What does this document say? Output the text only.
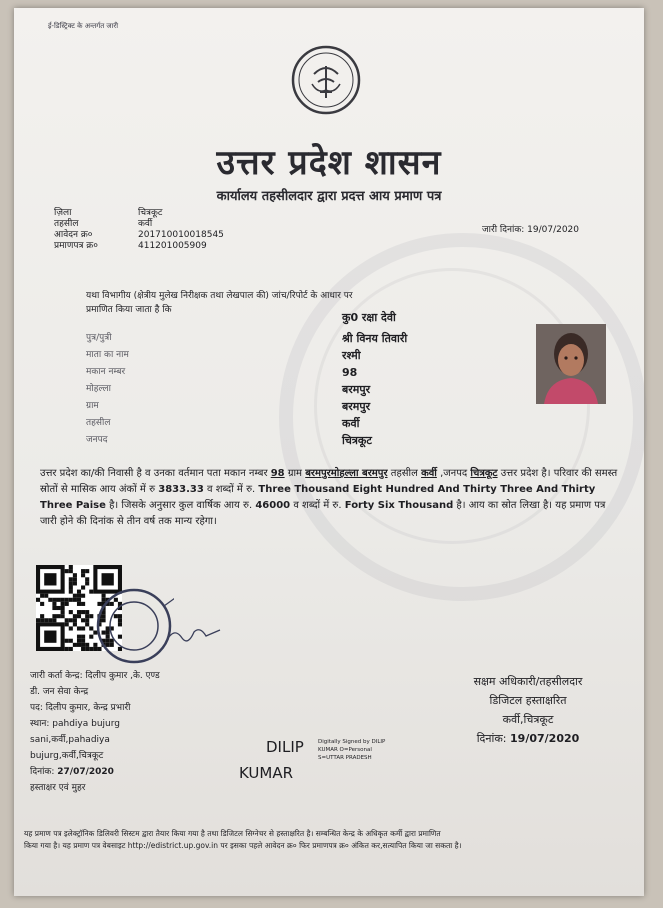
ई-डिस्ट्रिक्ट के अन्तर्गत जारी
उत्तर प्रदेश शासन
कार्यालय तहसीलदार द्वारा प्रदत्त आय प्रमाण पत्र
ज़िला
तहसील
आवेदन क्र०
प्रमाणपत्र क्र०
चित्रकूट
कर्वी
201710010018545
411201005909
जारी दिनांक: 19/07/2020
यथा विभागीय (क्षेत्रीय मुलेख निरीक्षक तथा लेखपाल की) जांच/रिपोर्ट के आधार पर
प्रमाणित किया जाता है कि
पुत्र/पुत्री
माता का नाम
मकान नम्बर
मोहल्ला
ग्राम
तहसील
जनपद
कु0 रक्षा देवी
श्री विनय तिवारी
रश्मी
98
बरमपुर
बरमपुर
कर्वी
चित्रकूट
उत्तर प्रदेश का/की निवासी है व उनका वर्तमान पता मकान नम्बर 98 ग्राम बरमपुरमोहल्ला बरमपुर तहसील कर्वी ,जनपद चित्रकूट उत्तर प्रदेश है। परिवार की समस्त स्रोतों से मासिक आय अंकों में रु 3833.33 व शब्दों में रु. Three Thousand Eight Hundred And Thirty Three And Thirty Three Paise है। जिसके अनुसार कुल वार्षिक आय रु. 46000 व शब्दों में रु. Forty Six Thousand है। आय का स्रोत लिखा है। यह प्रमाण पत्र जारी होने की दिनांक से तीन वर्ष तक मान्य रहेगा।
जारी कर्ता केन्द्र: दिलीप कुमार ,के. एण्ड
डी. जन सेवा केन्द्र
पद: दिलीप कुमार, केन्द्र प्रभारी
स्थान: pahdiya bujurg
sani,कर्वी,pahadiya
bujurg,कर्वी,चित्रकूट
दिनांक: 27/07/2020
हस्ताक्षर एवं मुहर
DILIP
KUMAR
Digitally Signed by DILIP
KUMAR O=Personal
S=UTTAR PRADESH
सक्षम अधिकारी/तहसीलदार
डिजिटल हस्ताक्षरित
कर्वी,चित्रकूट
दिनांक: 19/07/2020
यह प्रमाण पत्र इलेक्ट्रॉनिक डिलिवरी सिस्टम द्वारा तैयार किया गया है तथा डिजिटल सिग्नेचर से हस्ताक्षरित है। सम्बन्धित केन्द्र के अधिकृत कर्मी द्वारा प्रमाणित
किया गया है। यह प्रमाण पत्र वेबसाइट http://edistrict.up.gov.in पर इसका पहले आवेदन क्र० फिर प्रमाणपत्र क्र० अंकित कर,सत्यापित किया जा सकता है।
